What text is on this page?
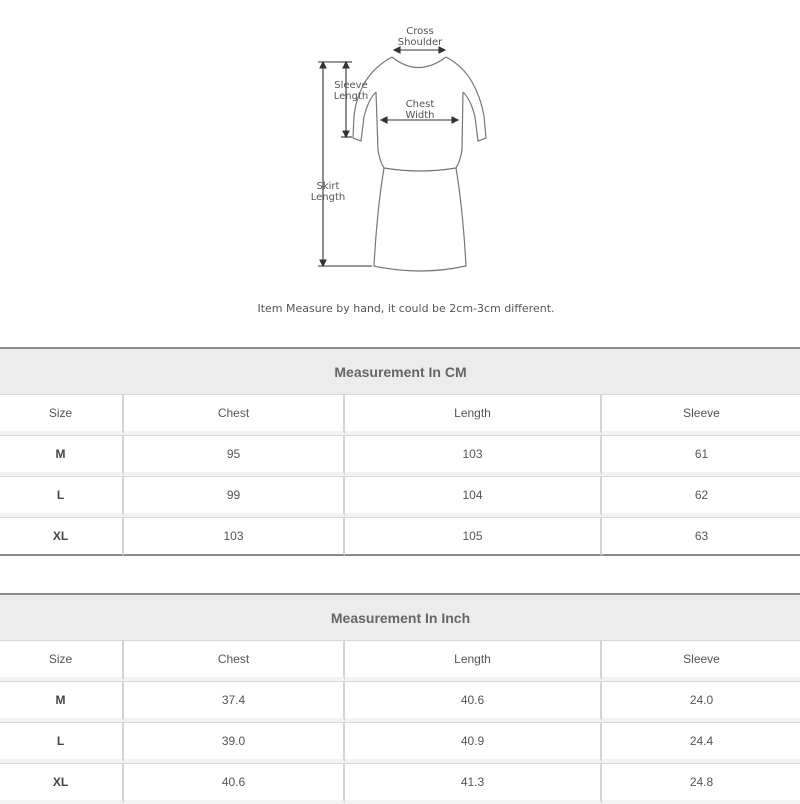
Cross
Shoulder
Sleeve
Length
Chest
Width
Skirt
Length
Item Measure by hand, it could be 2cm-3cm different.
Measurement In CM			
Size	Chest	Length	Sleeve
M	95	103	61
L	99	104	62
XL	103	105	63
Measurement In Inch			
Size	Chest	Length	Sleeve
M	37.4	40.6	24.0
L	39.0	40.9	24.4
XL	40.6	41.3	24.8
